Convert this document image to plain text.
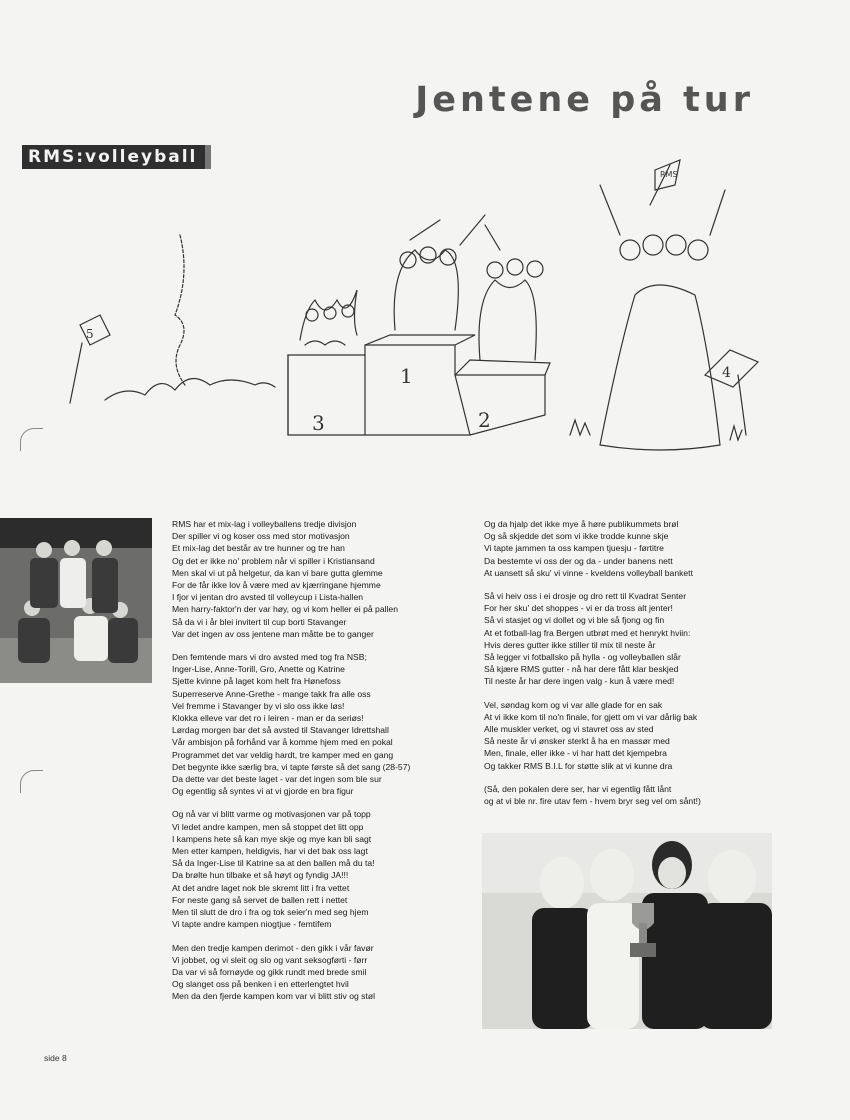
Jentene på tur
RMS:volleyball
3
1
2
RMS
4
5

RMS har et mix-lag i volleyballens tredje divisjon
Der spiller vi og koser oss med stor motivasjon
Et mix-lag det består av tre hunner og tre han
Og det er ikke no' problem når vi spiller i Kristiansand
Men skal vi ut på helgetur, da kan vi bare gutta glemme
For de får ikke lov å være med av kjærringane hjemme
I fjor vi jentan dro avsted til volleycup i Lista-hallen
Men harry-faktor'n der var høy, og vi kom heller ei på pallen
Så da vi i år blei invitert til cup borti Stavanger
Var det ingen av oss jentene man måtte be to ganger

Den femtende mars vi dro avsted med tog fra NSB;
Inger-Lise, Anne-Torill, Gro, Anette og Katrine
Sjette kvinne på laget kom helt fra Hønefoss
Superreserve Anne-Grethe - mange takk fra alle oss
Vel fremme i Stavanger by vi slo oss ikke løs!
Klokka elleve var det ro i leiren - man er da seriøs!
Lørdag morgen bar det så avsted til Stavanger Idrettshall
Vår ambisjon på forhånd var å komme hjem med en pokal
Programmet det var veldig hardt, tre kamper med en gang
Det begynte ikke særlig bra, vi tapte første så det sang (28-57)
Da dette var det beste laget - var det ingen som ble sur
Og egentlig så syntes vi at vi gjorde en bra figur

Og nå var vi blitt varme og motivasjonen var på topp
Vi ledet andre kampen, men så stoppet det litt opp
I kampens hete så kan mye skje og mye kan bli sagt
Men etter kampen, heldigvis, har vi det bak oss lagt
Så da Inger-Lise til Katrine sa at den ballen må du ta!
Da brølte hun tilbake et så høyt og fyndig JA!!!
At det andre laget nok ble skremt litt i fra vettet
For neste gang så servet de ballen rett i nettet
Men til slutt de dro i fra og tok seier'n med seg hjem
Vi tapte andre kampen niogtjue - femtifem

Men den tredje kampen derimot - den gikk i vår favør
Vi jobbet, og vi sleit og slo og vant seksogførti - førr
Da var vi så fornøyde og gikk rundt med brede smil
Og slanget oss på benken i en etterlengtet hvil
Men da den fjerde kampen kom var vi blitt stiv og støl

Og da hjalp det ikke mye å høre publikummets brøl
Og så skjedde det som vi ikke trodde kunne skje
Vi tapte jammen ta oss kampen tjuesju - førtitre
Da bestemte vi oss der og da - under banens nett
At uansett så sku' vi vinne - kveldens volleyball bankett

Så vi heiv oss i ei drosje og dro rett til Kvadrat Senter
For her sku' det shoppes - vi er da tross alt jenter!
Så vi stasjet og vi dollet og vi ble så fjong og fin
At et fotball-lag fra Bergen utbrøt med et henrykt hviin:
Hvis deres gutter ikke stiller til mix til neste år
Så legger vi fotballsko på hylla - og volleyballen slår
Så kjære RMS gutter - nå har dere fått klar beskjed
Til neste år har dere ingen valg - kun å være med!

Vel, søndag kom og vi var alle glade for en sak
At vi ikke kom til no'n finale, for gjett om vi var dårlig bak
Alle muskler verket, og vi stavret oss av sted
Så neste år vi ønsker sterkt å ha en massør med
Men, finale, eller ikke - vi har hatt det kjempebra
Og takker RMS B.I.L for støtte slik at vi kunne dra

(Så, den pokalen dere ser, har vi egentlig fått lånt
og at vi ble nr. fire utav fem - hvem bryr seg vel om sånt!)

side 8
